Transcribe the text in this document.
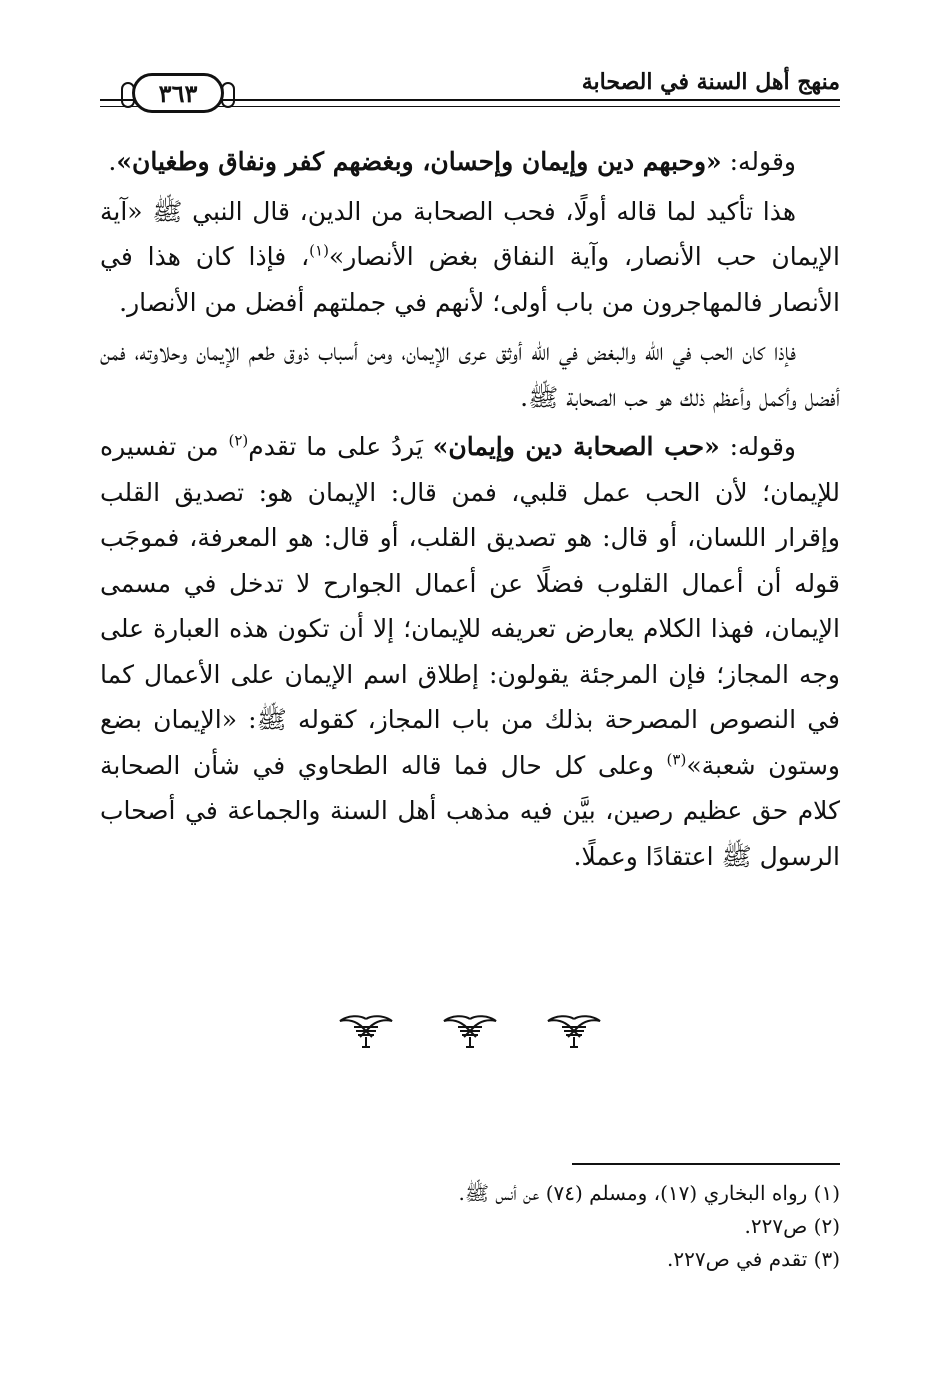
منهج أهل السنة في الصحابة
٣٦٣

وقوله: «وحبهم دين وإيمان وإحسان، وبغضهم كفر ونفاق وطغيان».

هذا تأكيد لما قاله أولًا، فحب الصحابة من الدين، قال النبي ﷺ «آية الإيمان حب الأنصار، وآية النفاق بغض الأنصار»$^{(١)}$، فإذا كان هذا في الأنصار فالمهاجرون من باب أولى؛ لأنهم في جملتهم أفضل من الأنصار.

فإذا كان الحب في الله والبغض في الله أوثق عرى الإيمان، ومن أسباب ذوق طعم الإيمان وحلاوته، فمن أفضل وأكمل وأعظم ذلك هو حب الصحابة ﷺ.

وقوله: «حب الصحابة دين وإيمان» يَردُ على ما تقدم$^{(٢)}$ من تفسيره للإيمان؛ لأن الحب عمل قلبي، فمن قال: الإيمان هو: تصديق القلب وإقرار اللسان، أو قال: هو تصديق القلب، أو قال: هو المعرفة، فموجَب قوله أن أعمال القلوب فضلًا عن أعمال الجوارح لا تدخل في مسمى الإيمان، فهذا الكلام يعارض تعريفه للإيمان؛ إلا أن تكون هذه العبارة على وجه المجاز؛ فإن المرجئة يقولون: إطلاق اسم الإيمان على الأعمال كما في النصوص المصرحة بذلك من باب المجاز، كقوله ﷺ: «الإيمان بضع وستون شعبة»$^{(٣)}$ وعلى كل حال فما قاله الطحاوي في شأن الصحابة كلام حق عظيم رصين، بيَّن فيه مذهب أهل السنة والجماعة في أصحاب الرسول ﷺ اعتقادًا وعملًا.

(١) رواه البخاري (١٧)، ومسلم (٧٤) عن أنس ﷺ.
(٢) ص٢٢٧.
(٣) تقدم في ص٢٢٧.
